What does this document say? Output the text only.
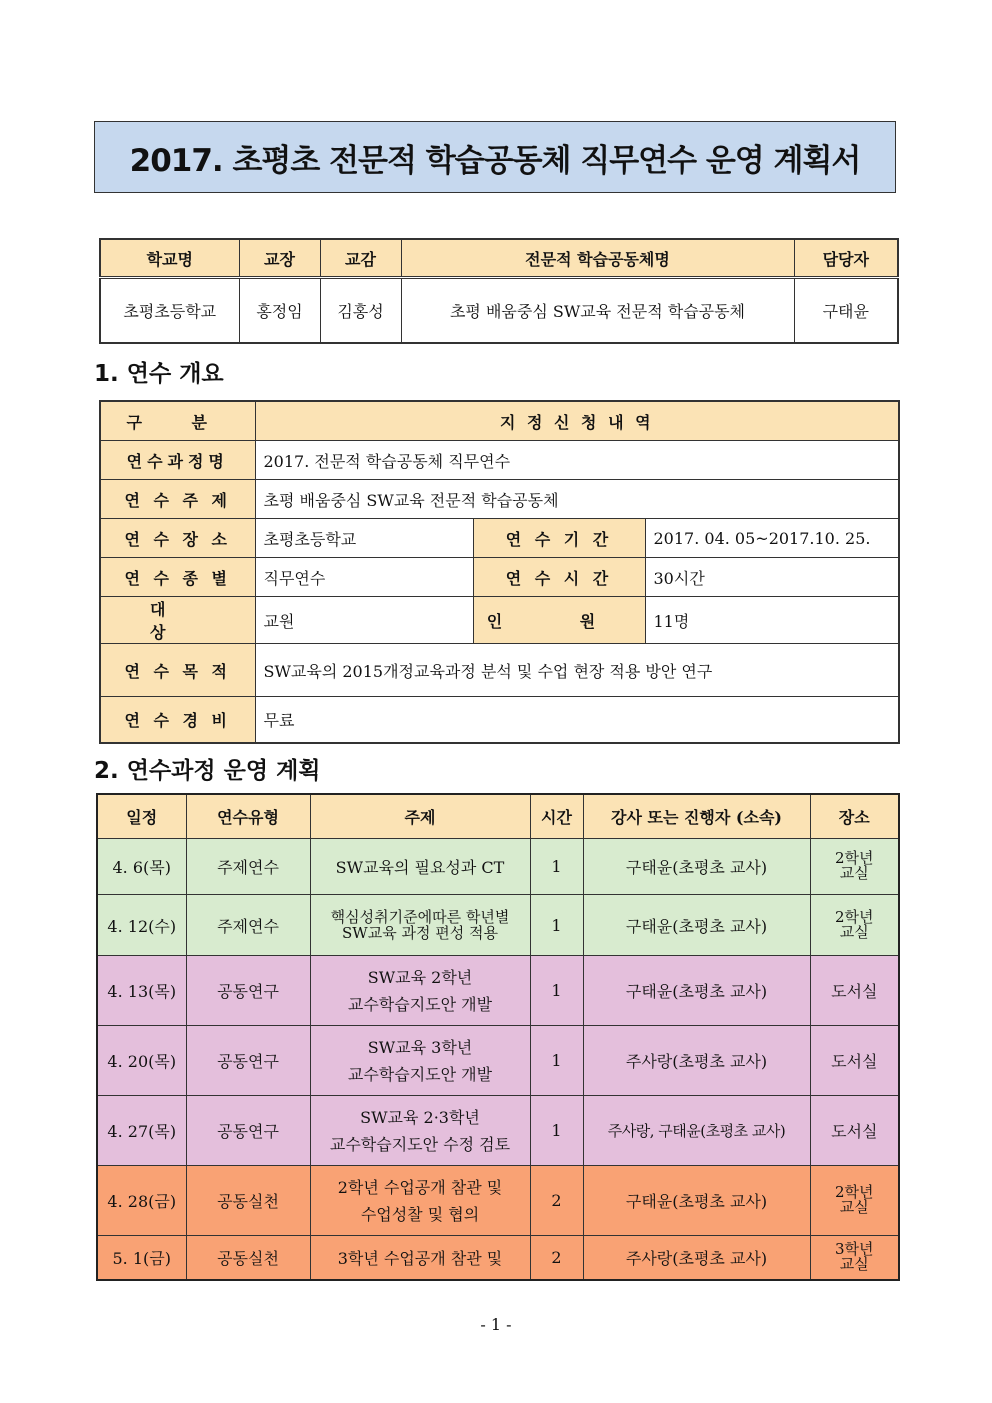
2017. 초평초 전문적 학습공동체 직무연수 운영 계획서
학교명	교장	교감	전문적 학습공동체명	담당자
초평초등학교	홍정임	김홍성	초평 배움중심 SW교육 전문적 학습공동체	구태윤
1. 연수 개요
구 분	지 정 신 청 내 역		
연수과정명	2017. 전문적 학습공동체 직무연수		
연 수 주 제	초평 배움중심 SW교육 전문적 학습공동체		
연 수 장 소	초평초등학교	연 수 기 간	2017. 04. 05~2017.10. 25.
연 수 종 별	직무연수	연 수 시 간	30시간
대 상	교원	인 원	11명
연 수 목 적	SW교육의 2015개정교육과정 분석 및 수업 현장 적용 방안 연구		
연 수 경 비	무료		
2. 연수과정 운영 계획
일정	연수유형	주제	시간	강사 또는 진행자 (소속)	장소
4. 6(목)	주제연수	SW교육의 필요성과 CT	1	구태윤(초평초 교사)	2학년
교실
4. 12(수)	주제연수	핵심성취기준에따른 학년별
SW교육 과정 편성 적용	1	구태윤(초평초 교사)	2학년
교실
4. 13(목)	공동연구	SW교육 2학년
교수학습지도안 개발	1	구태윤(초평초 교사)	도서실
4. 20(목)	공동연구	SW교육 3학년
교수학습지도안 개발	1	주사랑(초평초 교사)	도서실
4. 27(목)	공동연구	SW교육 2·3학년
교수학습지도안 수정 검토	1	주사랑, 구태윤(초평초 교사)	도서실
4. 28(금)	공동실천	2학년 수업공개 참관 및
수업성찰 및 협의	2	구태윤(초평초 교사)	2학년
교실
5. 1(금)	공동실천	3학년 수업공개 참관 및	2	주사랑(초평초 교사)	3학년
교실
- 1 -
